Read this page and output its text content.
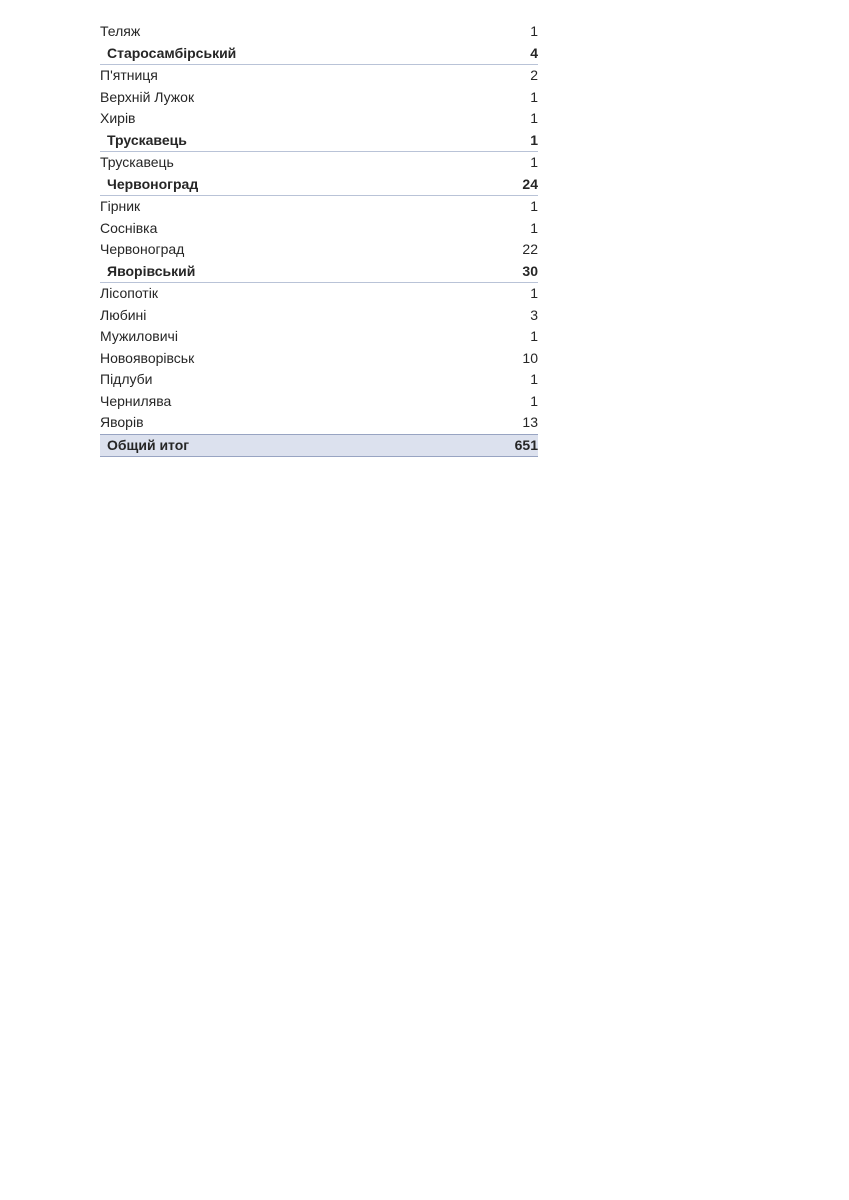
Теляж	1
Старосамбірський	4
П'ятниця	2
Верхній Лужок	1
Хирів	1
Трускавець	1
Трускавець	1
Червоноград	24
Гірник	1
Соснівка	1
Червоноград	22
Яворівський	30
Лісопотік	1
Любині	3
Мужиловичі	1
Новояворівськ	10
Підлуби	1
Чернилява	1
Яворів	13
Общий итог	651
